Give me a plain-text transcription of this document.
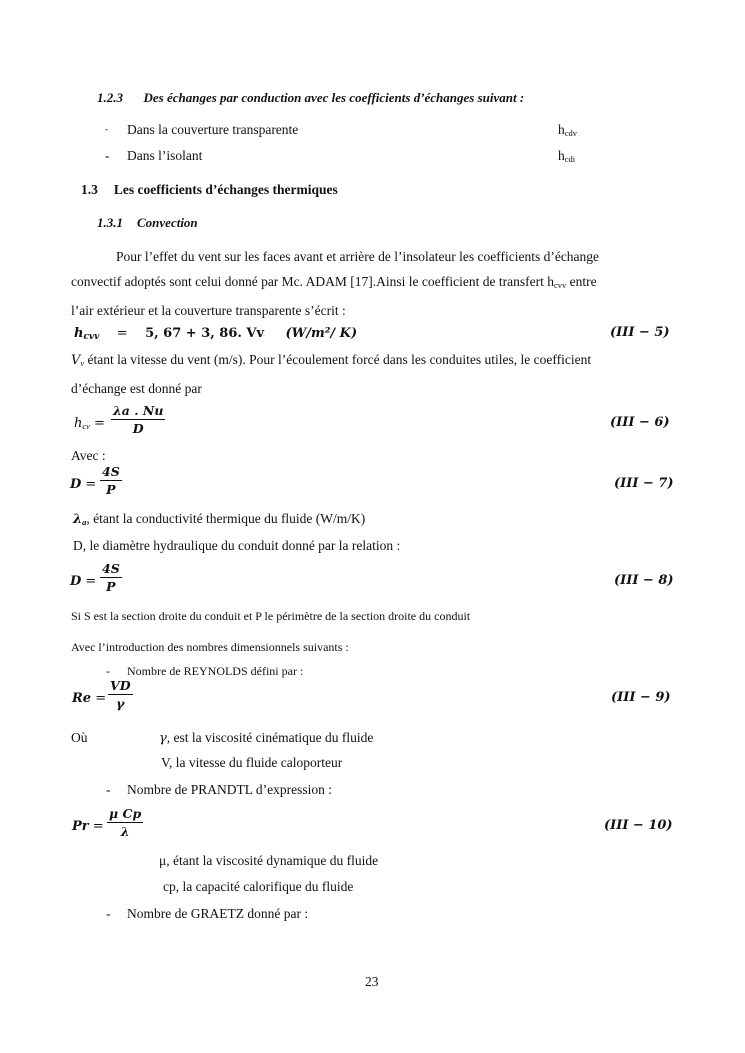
1.2.3 Des échanges par conduction avec les coefficients d’échanges suivant :
- Dans la couverture transparente	$h_{cdv}$
- Dans l’isolant	$h_{cdi}$
1.3 Les coefficients d’échanges thermiques
1.3.1 Convection
Pour l’effet du vent sur les faces avant et arrière de l’insolateur les coefficients d’échange
convectif adoptés sont celui donné par Mc. ADAM [17].Ainsi le coefficient de transfert $h_{cvv}$ entre
l’air extérieur et la couverture transparente s’écrit :
$h_{cvv} = 5$, 67 + 3, 86. Vv (W/m²/ K)	(III − 5)
$V_v$ étant la vitesse du vent (m/s). Pour l’écoulement forcé dans les conduites utiles, le coefficient
d’échange est donné par
$h_{cv} = \frac{\lambda a . Nu}{D}$	(III − 6)
Avec :
$D = \frac{4S}{P}$	(III − 7)
$\lambda_a$, étant la conductivité thermique du fluide (W/m/K)
D, le diamètre hydraulique du conduit donné par la relation :
$D = \frac{4S}{P}$	(III − 8)
Si S est la section droite du conduit et P le périmètre de la section droite du conduit
Avec l’introduction des nombres dimensionnels suivants :
- Nombre de REYNOLDS défini par :
$Re = \frac{VD}{\gamma}$	(III − 9)
Où	γ, est la viscosité cinématique du fluide
V, la vitesse du fluide caloporteur
- Nombre de PRANDTL d’expression :
$Pr = \frac{\text{μ Cp}}{\lambda}$	(III − 10)
μ, étant la viscosité dynamique du fluide
cp, la capacité calorifique du fluide
- Nombre de GRAETZ donné par :
23
